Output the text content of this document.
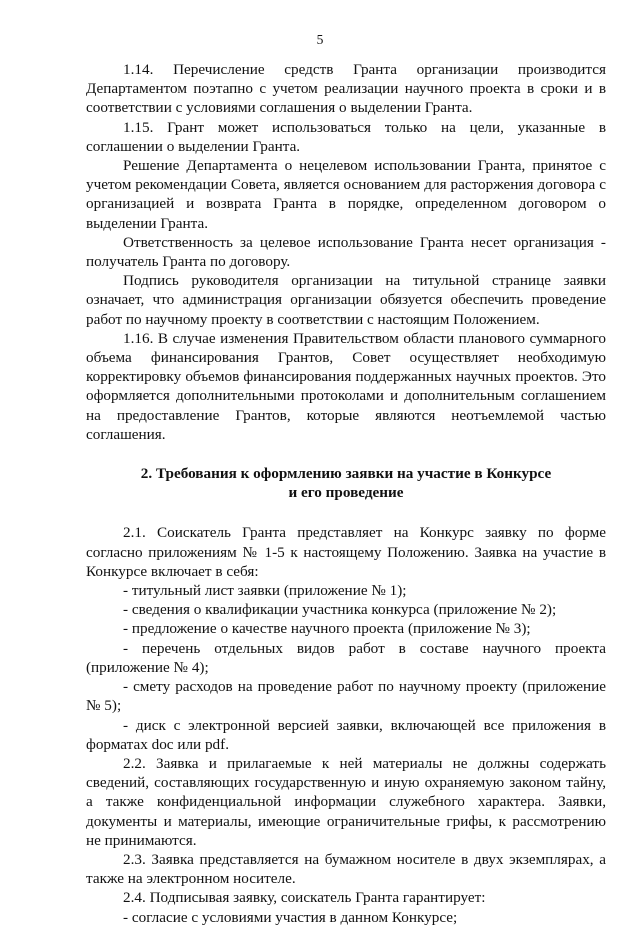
5

1.14. Перечисление средств Гранта организации производится Департаментом поэтапно с учетом реализации научного проекта в сроки и в соответствии с условиями соглашения о выделении Гранта.

1.15. Грант может использоваться только на цели, указанные в соглашении о выделении Гранта.

Решение Департамента о нецелевом использовании Гранта, принятое с учетом рекомендации Совета, является основанием для расторжения договора с организацией и возврата Гранта в порядке, определенном договором о выделении Гранта.

Ответственность за целевое использование Гранта несет организация - получатель Гранта по договору.

Подпись руководителя организации на титульной странице заявки означает, что администрация организации обязуется обеспечить проведение работ по научному проекту в соответствии с настоящим Положением.

1.16. В случае изменения Правительством области планового суммарного объема финансирования Грантов, Совет осуществляет необходимую корректировку объемов финансирования поддержанных научных проектов. Это оформляется дополнительными протоколами и дополнительным соглашением на предоставление Грантов, которые являются неотъемлемой частью соглашения.

2. Требования к оформлению заявки на участие в Конкурсе
и его проведение

2.1. Соискатель Гранта представляет на Конкурс заявку по форме согласно приложениям № 1-5 к настоящему Положению. Заявка на участие в Конкурсе включает в себя:

- титульный лист заявки (приложение № 1);

- сведения о квалификации участника конкурса (приложение № 2);

- предложение о качестве научного проекта (приложение № 3);

- перечень отдельных видов работ в составе научного проекта (приложение № 4);

- смету расходов на проведение работ по научному проекту (приложение № 5);

- диск с электронной версией заявки, включающей все приложения в форматах doc или pdf.

2.2. Заявка и прилагаемые к ней материалы не должны содержать сведений, составляющих государственную и иную охраняемую законом тайну, а также конфиденциальной информации служебного характера. Заявки, документы и материалы, имеющие ограничительные грифы, к рассмотрению не принимаются.

2.3. Заявка представляется на бумажном носителе в двух экземплярах, а также на электронном носителе.

2.4. Подписывая заявку, соискатель Гранта гарантирует:

- согласие с условиями участия в данном Конкурсе;
